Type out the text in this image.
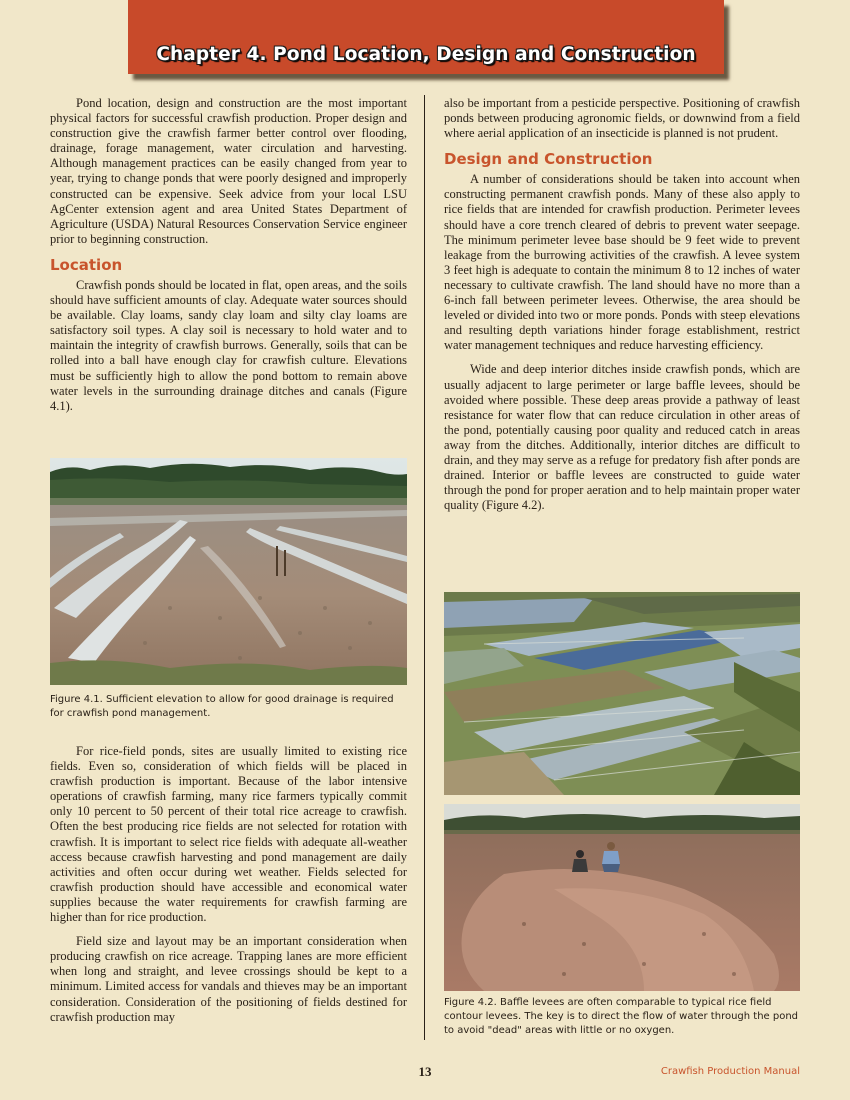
Chapter 4. Pond Location, Design and Construction

Pond location, design and construction are the most important physical factors for successful crawfish production. Proper design and construction give the crawfish farmer better control over flooding, drainage, forage management, water circulation and harvesting. Although management practices can be easily changed from year to year, trying to change ponds that were poorly designed and improperly constructed can be expensive. Seek advice from your local LSU AgCenter extension agent and area United States Department of Agriculture (USDA) Natural Resources Conservation Service engineer prior to beginning construction.

Location

Crawfish ponds should be located in flat, open areas, and the soils should have sufficient amounts of clay. Adequate water sources should be available. Clay loams, sandy clay loam and silty clay loams are satisfactory soil types. A clay soil is necessary to hold water and to maintain the integrity of crawfish burrows. Generally, soils that can be rolled into a ball have enough clay for crawfish culture. Elevations must be sufficiently high to allow the pond bottom to remain above water levels in the surrounding drainage ditches and canals (Figure 4.1).

Figure 4.1. Sufficient elevation to allow for good drainage is required for crawfish pond management.

For rice-field ponds, sites are usually limited to existing rice fields. Even so, consideration of which fields will be placed in crawfish production is important. Because of the labor intensive operations of crawfish farming, many rice farmers typically commit only 10 percent to 50 percent of their total rice acreage to crawfish. Often the best producing rice fields are not selected for rotation with crawfish. It is important to select rice fields with adequate all-weather access because crawfish harvesting and pond management are daily activities and often occur during wet weather. Fields selected for crawfish production should have accessible and economical water supplies because the water requirements for crawfish farming are higher than for rice production.

Field size and layout may be an important consideration when producing crawfish on rice acreage. Trapping lanes are more efficient when long and straight, and levee crossings should be kept to a minimum. Limited access for vandals and thieves may be an important consideration. Consideration of the positioning of fields destined for crawfish production may

also be important from a pesticide perspective. Positioning of crawfish ponds between producing agronomic fields, or downwind from a field where aerial application of an insecticide is planned is not prudent.

Design and Construction

A number of considerations should be taken into account when constructing permanent crawfish ponds. Many of these also apply to rice fields that are intended for crawfish production. Perimeter levees should have a core trench cleared of debris to prevent water seepage. The minimum perimeter levee base should be 9 feet wide to prevent leakage from the burrowing activities of the crawfish. A levee system 3 feet high is adequate to contain the minimum 8 to 12 inches of water necessary to cultivate crawfish. The land should have no more than a 6-inch fall between perimeter levees. Otherwise, the area should be leveled or divided into two or more ponds. Ponds with steep elevations and resulting depth variations hinder forage establishment, restrict water management techniques and reduce harvesting efficiency.

Wide and deep interior ditches inside crawfish ponds, which are usually adjacent to large perimeter or large baffle levees, should be avoided where possible. These deep areas provide a pathway of least resistance for water flow that can reduce circulation in other areas of the pond, potentially causing poor quality and reduced catch in areas away from the ditches. Additionally, interior ditches are difficult to drain, and they may serve as a refuge for predatory fish after ponds are drained. Interior or baffle levees are constructed to guide water through the pond for proper aeration and to help maintain proper water quality (Figure 4.2).

Figure 4.2. Baffle levees are often comparable to typical rice field contour levees. The key is to direct the flow of water through the pond to avoid "dead" areas with little or no oxygen.
13	Crawfish Production Manual
